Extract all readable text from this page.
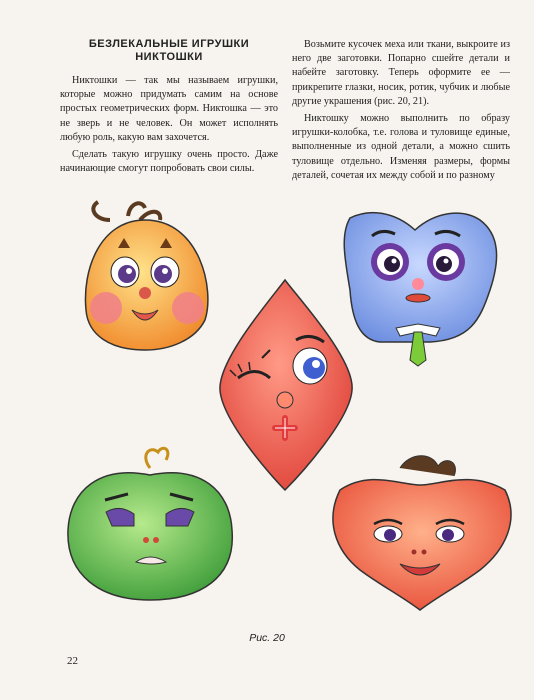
БЕЗЛЕКАЛЬНЫЕ ИГРУШКИ
НИКТОШКИ

Никтошки — так мы называем игрушки, которые можно придумать самим на основе простых геометрических форм. Никтошка — это не зверь и не человек. Он может исполнять любую роль, какую вам захочется.

Сделать такую игрушку очень просто. Даже начинающие смогут попробовать свои силы.

Возьмите кусочек меха или ткани, выкроите из него две заготовки. Попарно сшейте детали и набейте заготовку. Теперь оформите ее — прикрепите глазки, носик, ротик, чубчик и любые другие украшения (рис. 20, 21).

Никтошку можно выполнить по образу игрушки-колобка, т.е. голова и туловище единые, выполненные из одной детали, а можно сшить туловище отдельно. Изменяя размеры, формы деталей, сочетая их между собой и по разному

Рис. 20
22
